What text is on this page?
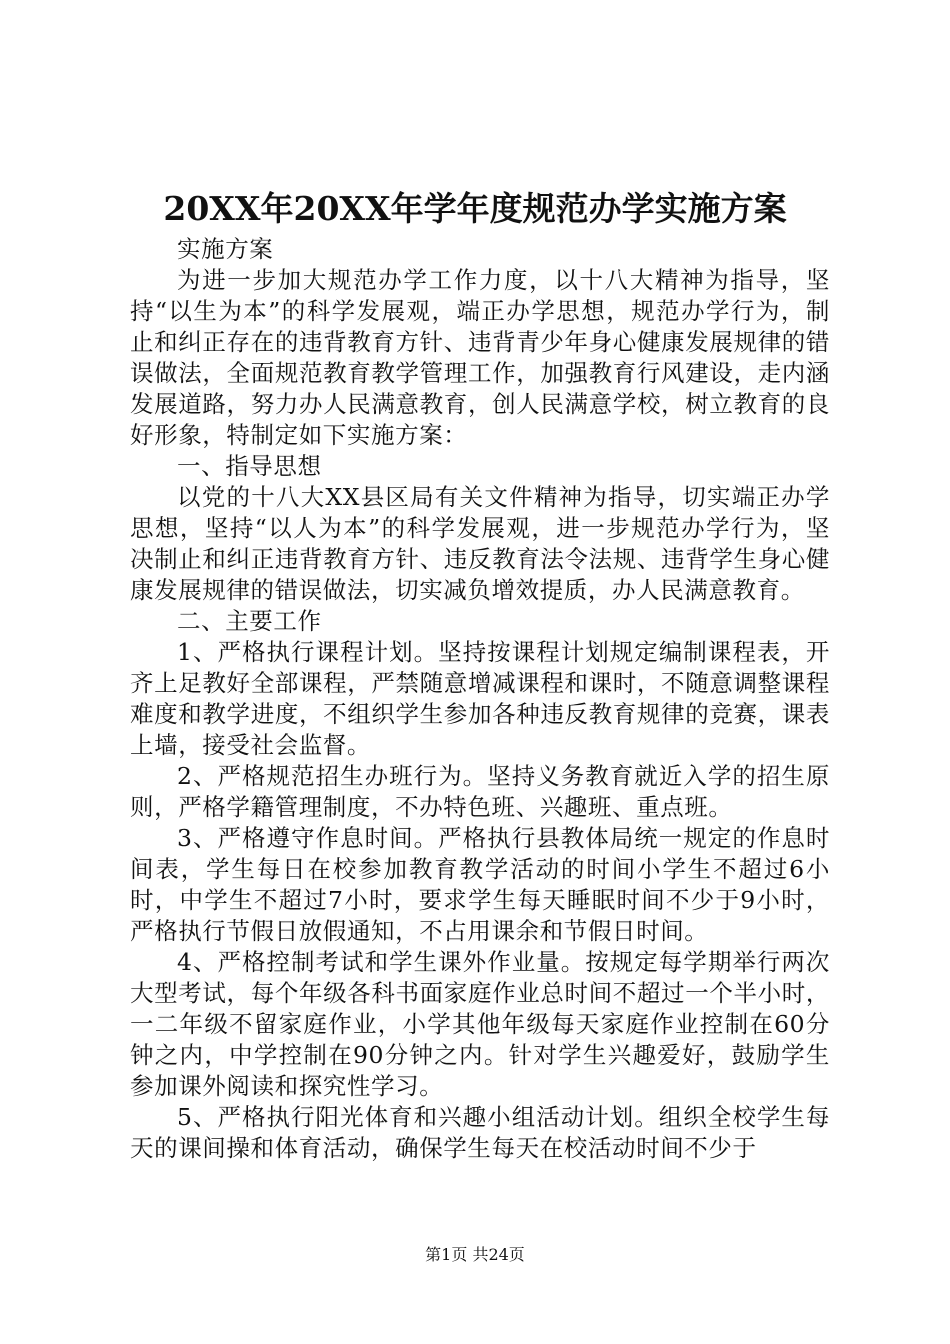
20XX年20XX年学年度规范办学实施方案

实施方案

为进一步加大规范办学工作力度，以十八大精神为指导，坚持“以生为本”的科学发展观，端正办学思想，规范办学行为，制止和纠正存在的违背教育方针、违背青少年身心健康发展规律的错误做法，全面规范教育教学管理工作，加强教育行风建设，走内涵发展道路，努力办人民满意教育，创人民满意学校，树立教育的良好形象，特制定如下实施方案：

一、指导思想

以党的十八大XX县区局有关文件精神为指导，切实端正办学思想，坚持“以人为本”的科学发展观，进一步规范办学行为，坚决制止和纠正违背教育方针、违反教育法令法规、违背学生身心健康发展规律的错误做法，切实减负增效提质，办人民满意教育。

二、主要工作

1、严格执行课程计划。坚持按课程计划规定编制课程表，开齐上足教好全部课程，严禁随意增减课程和课时，不随意调整课程难度和教学进度，不组织学生参加各种违反教育规律的竞赛，课表上墙，接受社会监督。

2、严格规范招生办班行为。坚持义务教育就近入学的招生原则，严格学籍管理制度，不办特色班、兴趣班、重点班。

3、严格遵守作息时间。严格执行县教体局统一规定的作息时间表，学生每日在校参加教育教学活动的时间小学生不超过6小时，中学生不超过7小时，要求学生每天睡眠时间不少于9小时，严格执行节假日放假通知，不占用课余和节假日时间。

4、严格控制考试和学生课外作业量。按规定每学期举行两次大型考试，每个年级各科书面家庭作业总时间不超过一个半小时，一二年级不留家庭作业，小学其他年级每天家庭作业控制在60分钟之内，中学控制在90分钟之内。针对学生兴趣爱好，鼓励学生参加课外阅读和探究性学习。

5、严格执行阳光体育和兴趣小组活动计划。组织全校学生每天的课间操和体育活动，确保学生每天在校活动时间不少于

第1页 共24页
